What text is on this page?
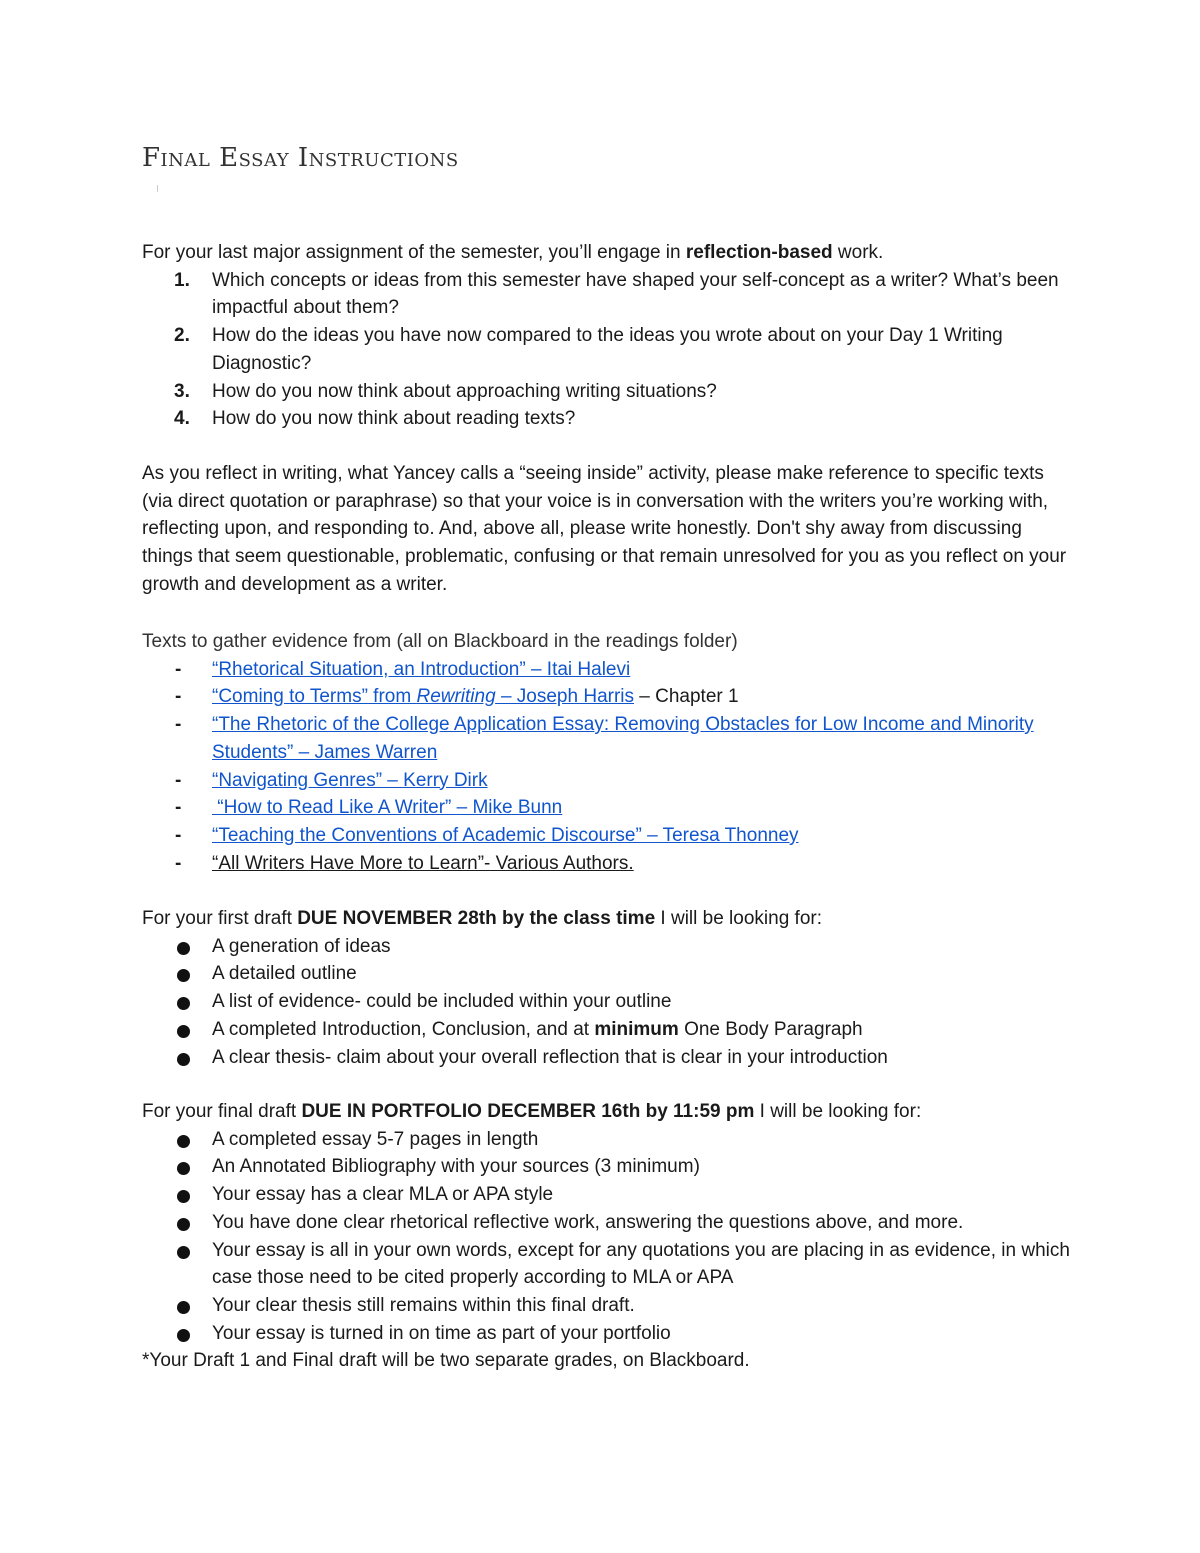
Final Essay Instructions
For your last major assignment of the semester, you’ll engage in reflection-based work.
1.	Which concepts or ideas from this semester have shaped your self-concept as a writer? What’s been impactful about them?
2.	How do the ideas you have now compared to the ideas you wrote about on your Day 1 Writing Diagnostic?
3.	How do you now think about approaching writing situations?
4.	How do you now think about reading texts?

As you reflect in writing, what Yancey calls a “seeing inside” activity, please make reference to specific texts (via direct quotation or paraphrase) so that your voice is in conversation with the writers you’re working with, reflecting upon, and responding to. And, above all, please write honestly. Don't shy away from discussing things that seem questionable, problematic, confusing or that remain unresolved for you as you reflect on your growth and development as a writer.

Texts to gather evidence from (all on Blackboard in the readings folder)
- “Rhetorical Situation, an Introduction” – Itai Halevi
- “Coming to Terms” from Rewriting – Joseph Harris – Chapter 1
- “The Rhetoric of the College Application Essay: Removing Obstacles for Low Income and Minority Students” – James Warren
- “Navigating Genres” – Kerry Dirk
- “How to Read Like A Writer” – Mike Bunn
- “Teaching the Conventions of Academic Discourse” – Teresa Thonney
- “All Writers Have More to Learn”- Various Authors.
For your first draft DUE NOVEMBER 28th by the class time I will be looking for:
A generation of ideas
A detailed outline
A list of evidence- could be included within your outline
A completed Introduction, Conclusion, and at minimum One Body Paragraph
A clear thesis- claim about your overall reflection that is clear in your introduction
For your final draft DUE IN PORTFOLIO DECEMBER 16th by 11:59 pm I will be looking for:
A completed essay 5-7 pages in length
An Annotated Bibliography with your sources (3 minimum)
Your essay has a clear MLA or APA style
You have done clear rhetorical reflective work, answering the questions above, and more.
Your essay is all in your own words, except for any quotations you are placing in as evidence, in which case those need to be cited properly according to MLA or APA
Your clear thesis still remains within this final draft.
Your essay is turned in on time as part of your portfolio
*Your Draft 1 and Final draft will be two separate grades, on Blackboard.
